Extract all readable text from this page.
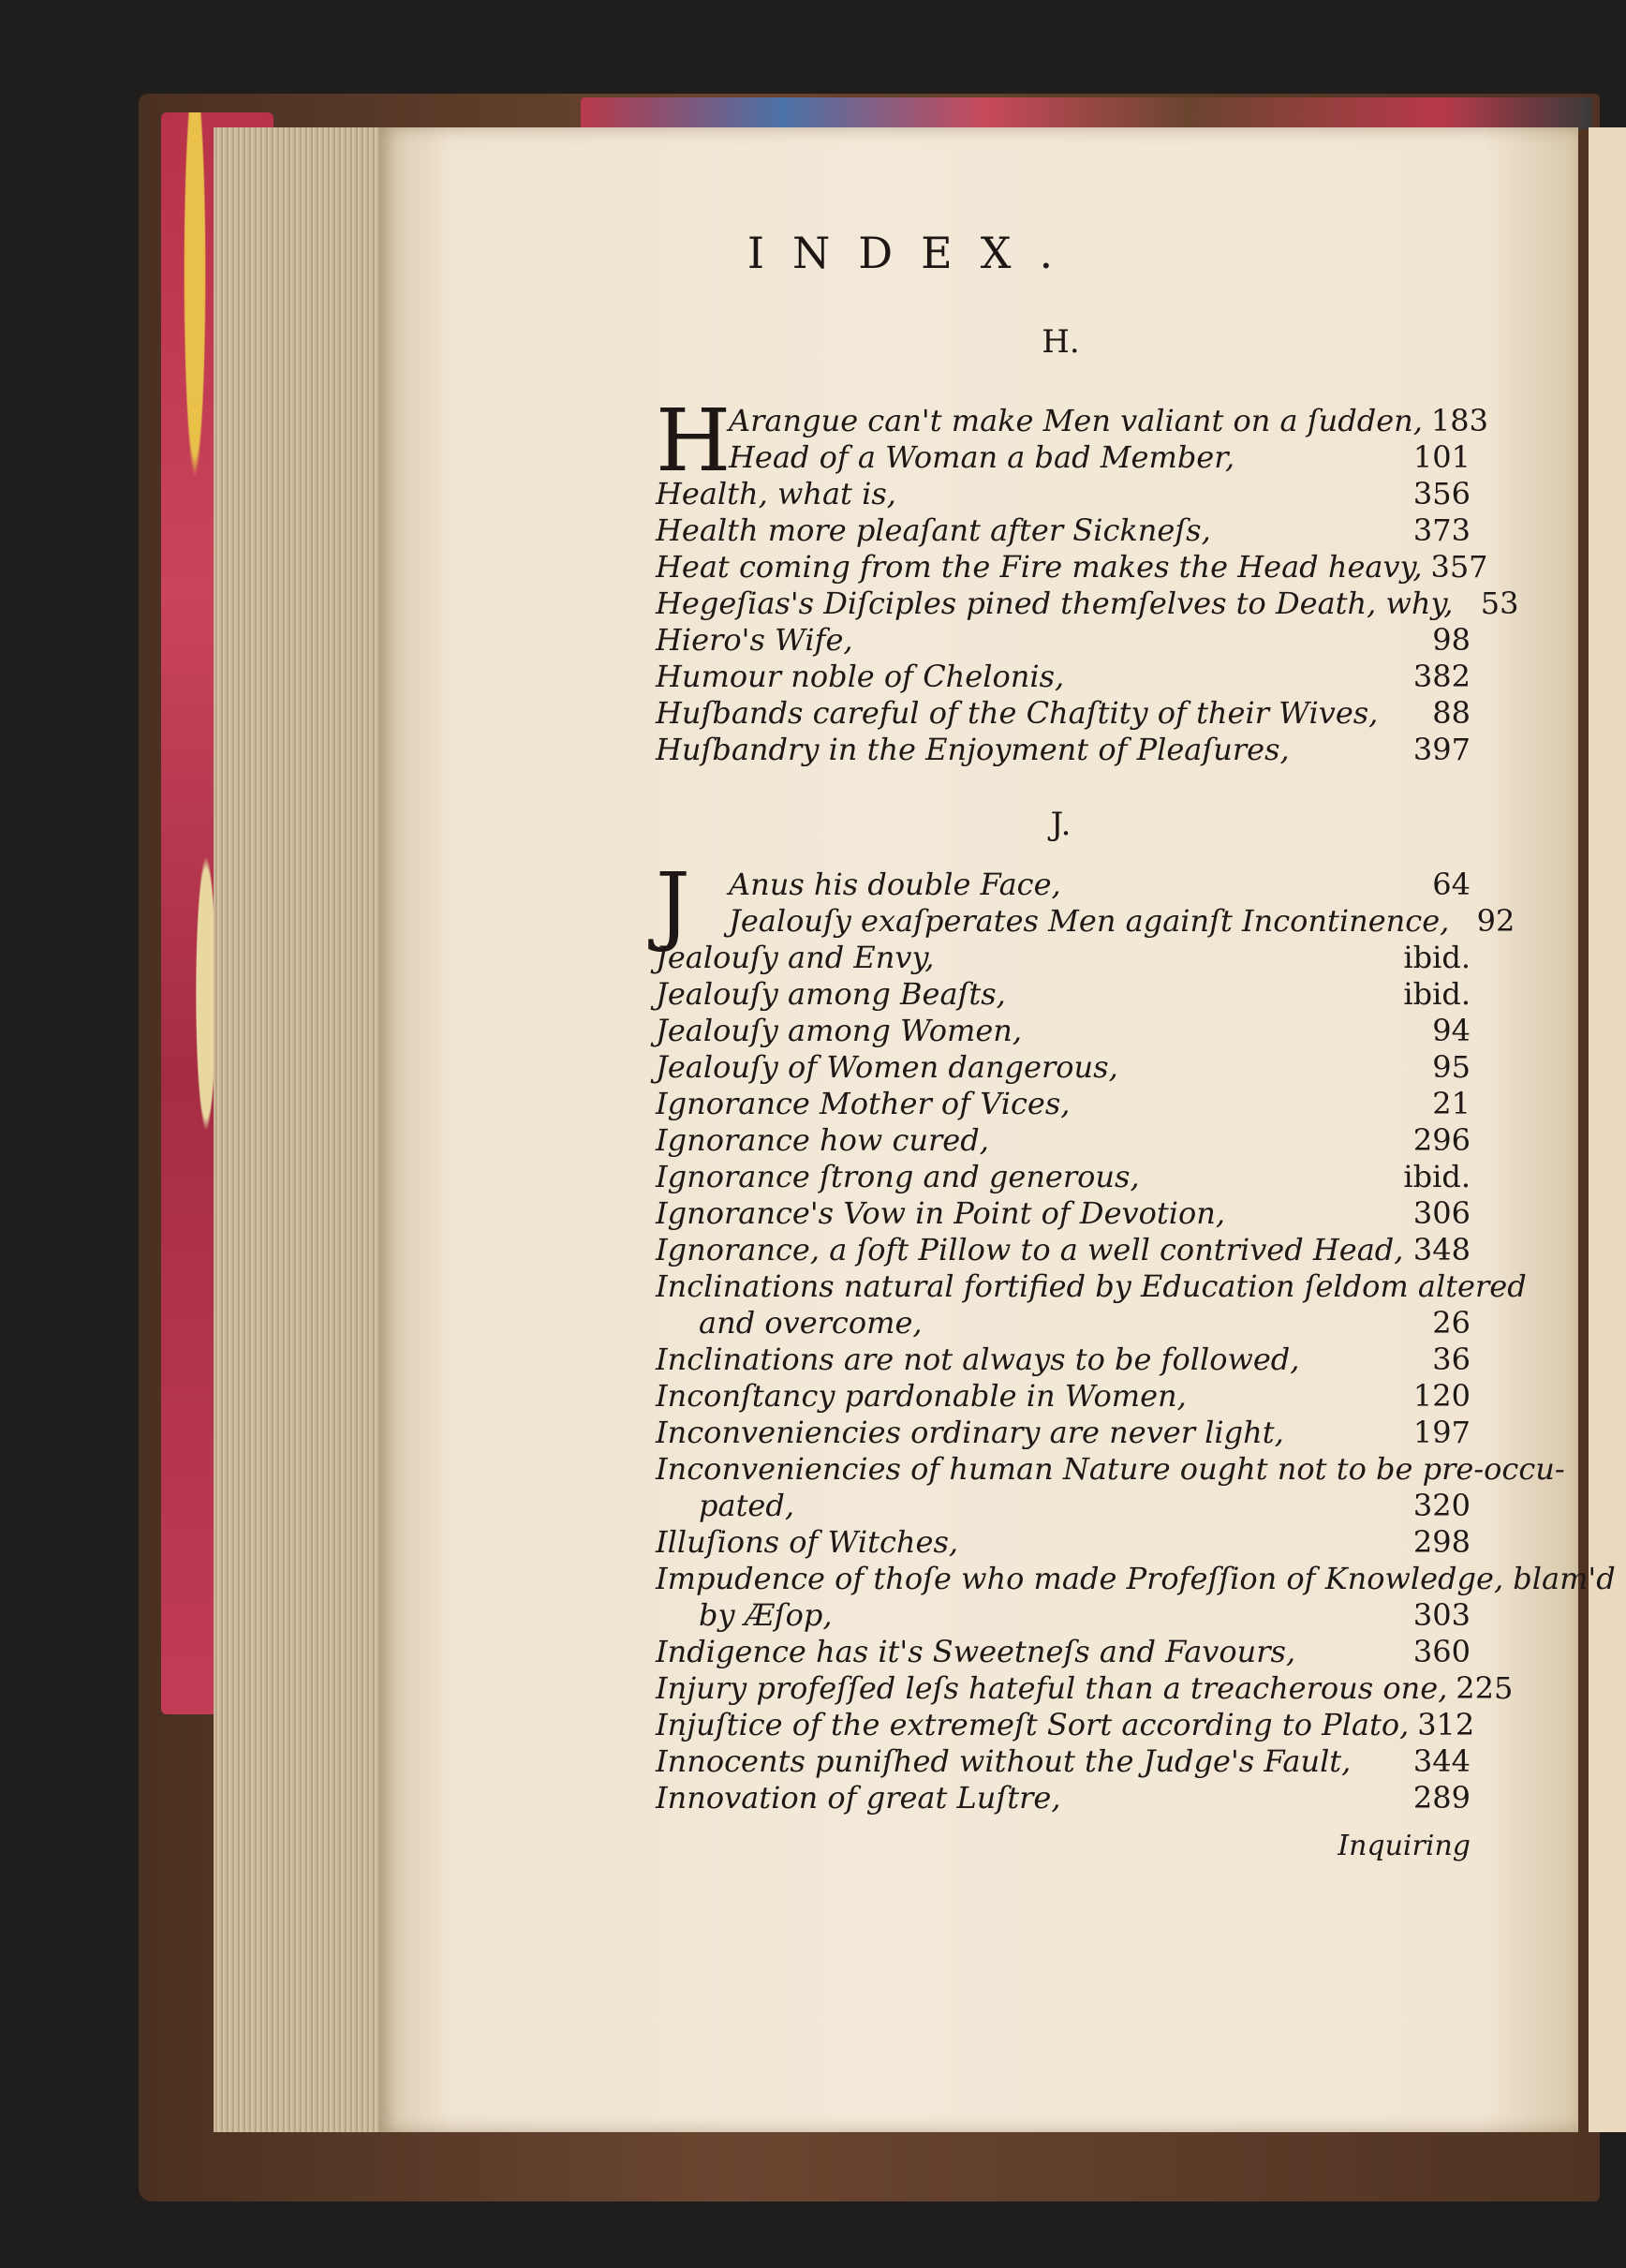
INDEX.
H.
H
Arangue can't make Men valiant on a ſudden, 183
Head of a Woman a bad Member,	101
Health, what is,	356
Health more pleaſant after Sickneſs,	373
Heat coming from the Fire makes the Head heavy, 357
Hegeſias's Diſciples pined themſelves to Death, why, 53
Hiero's Wife,	98
Humour noble of Chelonis,	382
Huſbands careful of the Chaſtity of their Wives,	88
Huſbandry in the Enjoyment of Pleaſures,	397
J.
J	Anus his double Face,	64
Jealouſy exaſperates Men againſt Incontinence, 92
Jealouſy and Envy,	ibid.
Jealouſy among Beaſts,	ibid.
Jealouſy among Women,	94
Jealouſy of Women dangerous,	95
Ignorance Mother of Vices,	21
Ignorance how cured,	296
Ignorance ſtrong and generous,	ibid.
Ignorance's Vow in Point of Devotion,	306
Ignorance, a ſoft Pillow to a well contrived Head, 348
Inclinations natural fortified by Education ſeldom altered
and overcome,	26
Inclinations are not always to be followed,	36
Inconſtancy pardonable in Women,	120
Inconveniencies ordinary are never light,	197
Inconveniencies of human Nature ought not to be pre-occu-
pated,	320
Illuſions of Witches,	298
Impudence of thoſe who made Profeſſion of Knowledge, blam'd
by Æſop,	303
Indigence has it's Sweetneſs and Favours,	360
Injury profeſſed leſs hateful than a treacherous one, 225
Injuſtice of the extremeſt Sort according to Plato, 312
Innocents puniſhed without the Judge's Fault,	344
Innovation of great Luſtre,	289
Inquiring
